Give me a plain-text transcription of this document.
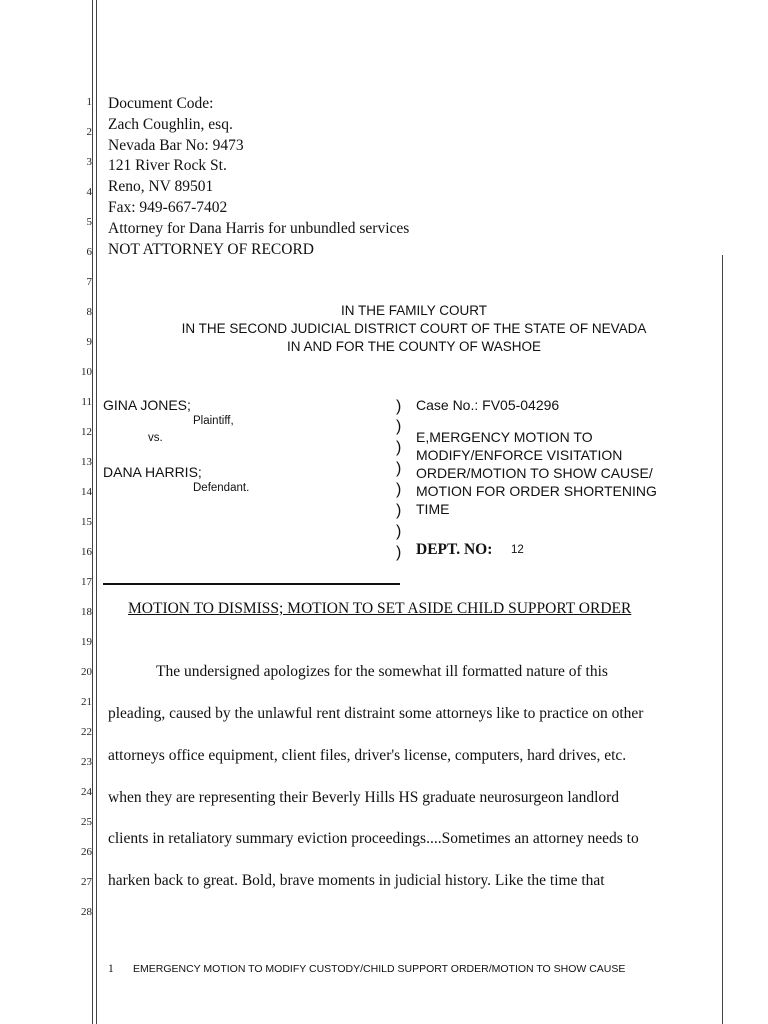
1
2
3
4
5
6
7
8
9
10
11
12
13
14
15
16
17
18
19
20
21
22
23
24
25
26
27
28
Document Code:
Zach Coughlin, esq.
Nevada Bar No: 9473
121 River Rock St.
Reno, NV 89501
Fax: 949-667-7402
Attorney for Dana Harris for unbundled services
NOT ATTORNEY OF RECORD
IN THE FAMILY COURT
IN THE SECOND JUDICIAL DISTRICT COURT OF THE STATE OF NEVADA
IN AND FOR THE COUNTY OF WASHOE
GINA JONES;
Plaintiff,
vs.
DANA HARRIS;
Defendant.
)
)
)
)
)
)
)
)
Case No.: FV05-04296
E,MERGENCY MOTION TO
MODIFY/ENFORCE VISITATION
ORDER/MOTION TO SHOW CAUSE/
MOTION FOR ORDER SHORTENING
TIME
DEPT. NO: 12
MOTION TO DISMISS; MOTION TO SET ASIDE CHILD SUPPORT ORDER
The undersigned apologizes for the somewhat ill formatted nature of this
pleading, caused by the unlawful rent distraint some attorneys like to practice on other
attorneys office equipment, client files, driver's license, computers, hard drives, etc.
when they are representing their Beverly Hills HS graduate neurosurgeon landlord
clients in retaliatory summary eviction proceedings....Sometimes an attorney needs to
harken back to great. Bold, brave moments in judicial history. Like the time that
1 EMERGENCY MOTION TO MODIFY CUSTODY/CHILD SUPPORT ORDER/MOTION TO SHOW CAUSE
